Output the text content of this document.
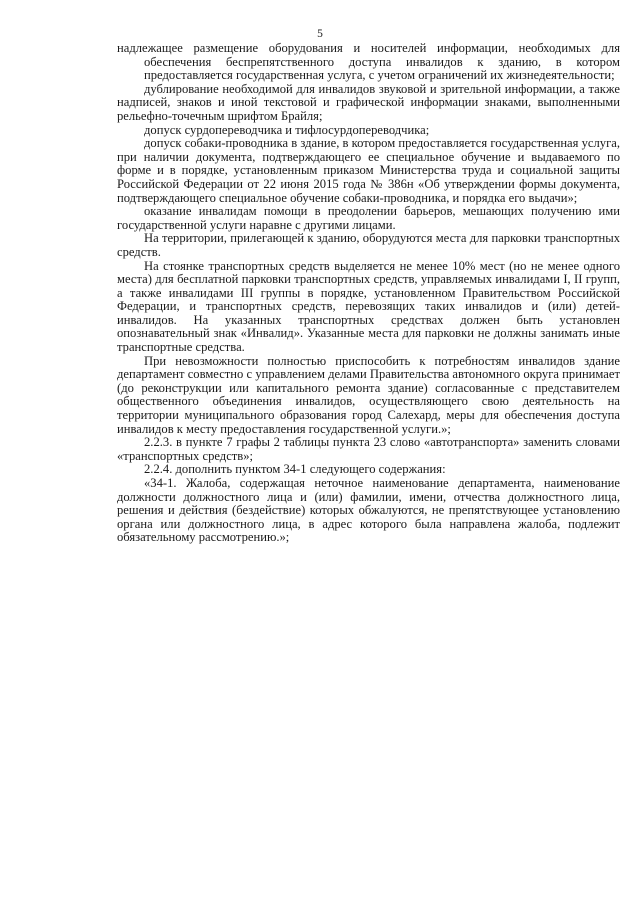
5

надлежащее размещение оборудования и носителей информации, необходимых для обеспечения беспрепятственного доступа инвалидов к зданию, в котором предоставляется государственная услуга, с учетом ограничений их жизнедеятельности;

дублирование необходимой для инвалидов звуковой и зрительной информации, а также надписей, знаков и иной текстовой и графической информации знаками, выполненными рельефно-точечным шрифтом Брайля;

допуск сурдопереводчика и тифлосурдопереводчика;

допуск собаки-проводника в здание, в котором предоставляется государственная услуга, при наличии документа, подтверждающего ее специальное обучение и выдаваемого по форме и в порядке, установленным приказом Министерства труда и социальной защиты Российской Федерации от 22 июня 2015 года № 386н «Об утверждении формы документа, подтверждающего специальное обучение собаки-проводника, и порядка его выдачи»;

оказание инвалидам помощи в преодолении барьеров, мешающих получению ими государственной услуги наравне с другими лицами.

На территории, прилегающей к зданию, оборудуются места для парковки транспортных средств.

На стоянке транспортных средств выделяется не менее 10% мест (но не менее одного места) для бесплатной парковки транспортных средств, управляемых инвалидами I, II групп, а также инвалидами III группы в порядке, установленном Правительством Российской Федерации, и транспортных средств, перевозящих таких инвалидов и (или) детей-инвалидов. На указанных транспортных средствах должен быть установлен опознавательный знак «Инвалид». Указанные места для парковки не должны занимать иные транспортные средства.

При невозможности полностью приспособить к потребностям инвалидов здание департамент совместно с управлением делами Правительства автономного округа принимает (до реконструкции или капитального ремонта здание) согласованные с представителем общественного объединения инвалидов, осуществляющего свою деятельность на территории муниципального образования город Салехард, меры для обеспечения доступа инвалидов к месту предоставления государственной услуги.»;

2.2.3. в пункте 7 графы 2 таблицы пункта 23 слово «автотранспорта» заменить словами «транспортных средств»;

2.2.4. дополнить пунктом 34-1 следующего содержания:

«34-1. Жалоба, содержащая неточное наименование департамента, наименование должности должностного лица и (или) фамилии, имени, отчества должностного лица, решения и действия (бездействие) которых обжалуются, не препятствующее установлению органа или должностного лица, в адрес которого была направлена жалоба, подлежит обязательному рассмотрению.»;
